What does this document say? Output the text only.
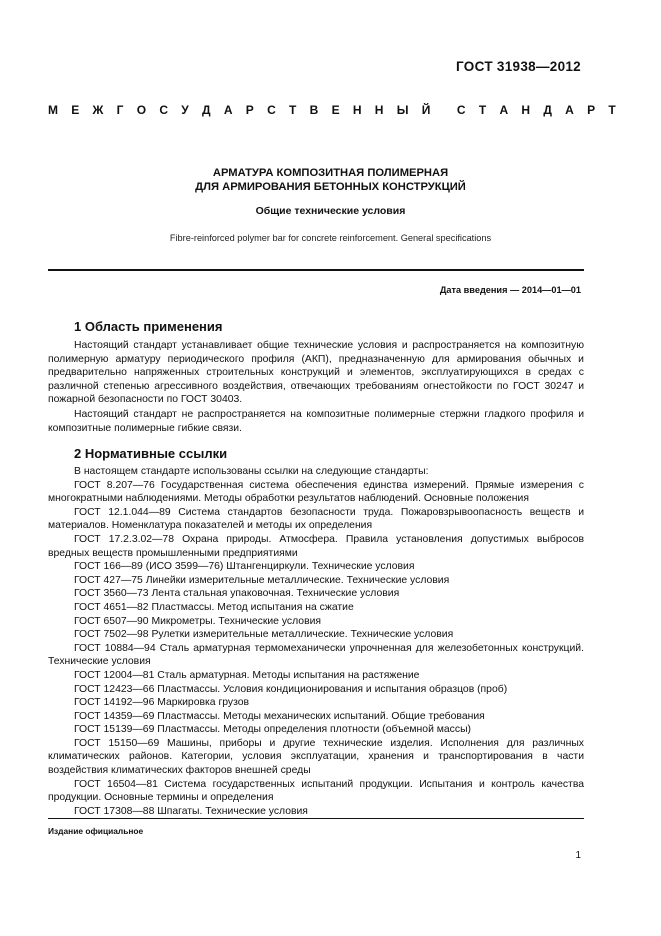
ГОСТ 31938—2012
М Е Ж Г О С У Д А Р С Т В Е Н Н Ы Й С Т А Н Д А Р Т
АРМАТУРА КОМПОЗИТНАЯ ПОЛИМЕРНАЯ
ДЛЯ АРМИРОВАНИЯ БЕТОННЫХ КОНСТРУКЦИЙ
Общие технические условия
Fibre-reinforced polymer bar for concrete reinforcement. General specifications
Дата введения — 2014—01—01
1 Область применения
Настоящий стандарт устанавливает общие технические условия и распространяется на композитную полимерную арматуру периодического профиля (АКП), предназначенную для армирования обычных и предварительно напряженных строительных конструкций и элементов, эксплуатирующихся в средах с различной степенью агрессивного воздействия, отвечающих требованиям огнестойкости по ГОСТ 30247 и пожарной безопасности по ГОСТ 30403.
Настоящий стандарт не распространяется на композитные полимерные стержни гладкого профиля и композитные полимерные гибкие связи.
2 Нормативные ссылки
В настоящем стандарте использованы ссылки на следующие стандарты:
ГОСТ 8.207—76 Государственная система обеспечения единства измерений. Прямые измерения с многократными наблюдениями. Методы обработки результатов наблюдений. Основные положения
ГОСТ 12.1.044—89 Система стандартов безопасности труда. Пожаровзрывоопасность веществ и материалов. Номенклатура показателей и методы их определения
ГОСТ 17.2.3.02—78 Охрана природы. Атмосфера. Правила установления допустимых выбросов вредных веществ промышленными предприятиями
ГОСТ 166—89 (ИСО 3599—76) Штангенциркули. Технические условия
ГОСТ 427—75 Линейки измерительные металлические. Технические условия
ГОСТ 3560—73 Лента стальная упаковочная. Технические условия
ГОСТ 4651—82 Пластмассы. Метод испытания на сжатие
ГОСТ 6507—90 Микрометры. Технические условия
ГОСТ 7502—98 Рулетки измерительные металлические. Технические условия
ГОСТ 10884—94 Сталь арматурная термомеханически упрочненная для железобетонных конструкций. Технические условия
ГОСТ 12004—81 Сталь арматурная. Методы испытания на растяжение
ГОСТ 12423—66 Пластмассы. Условия кондиционирования и испытания образцов (проб)
ГОСТ 14192—96 Маркировка грузов
ГОСТ 14359—69 Пластмассы. Методы механических испытаний. Общие требования
ГОСТ 15139—69 Пластмассы. Методы определения плотности (объемной массы)
ГОСТ 15150—69 Машины, приборы и другие технические изделия. Исполнения для различных климатических районов. Категории, условия эксплуатации, хранения и транспортирования в части воздействия климатических факторов внешней среды
ГОСТ 16504—81 Система государственных испытаний продукции. Испытания и контроль качества продукции. Основные термины и определения
ГОСТ 17308—88 Шпагаты. Технические условия
Издание официальное
1
